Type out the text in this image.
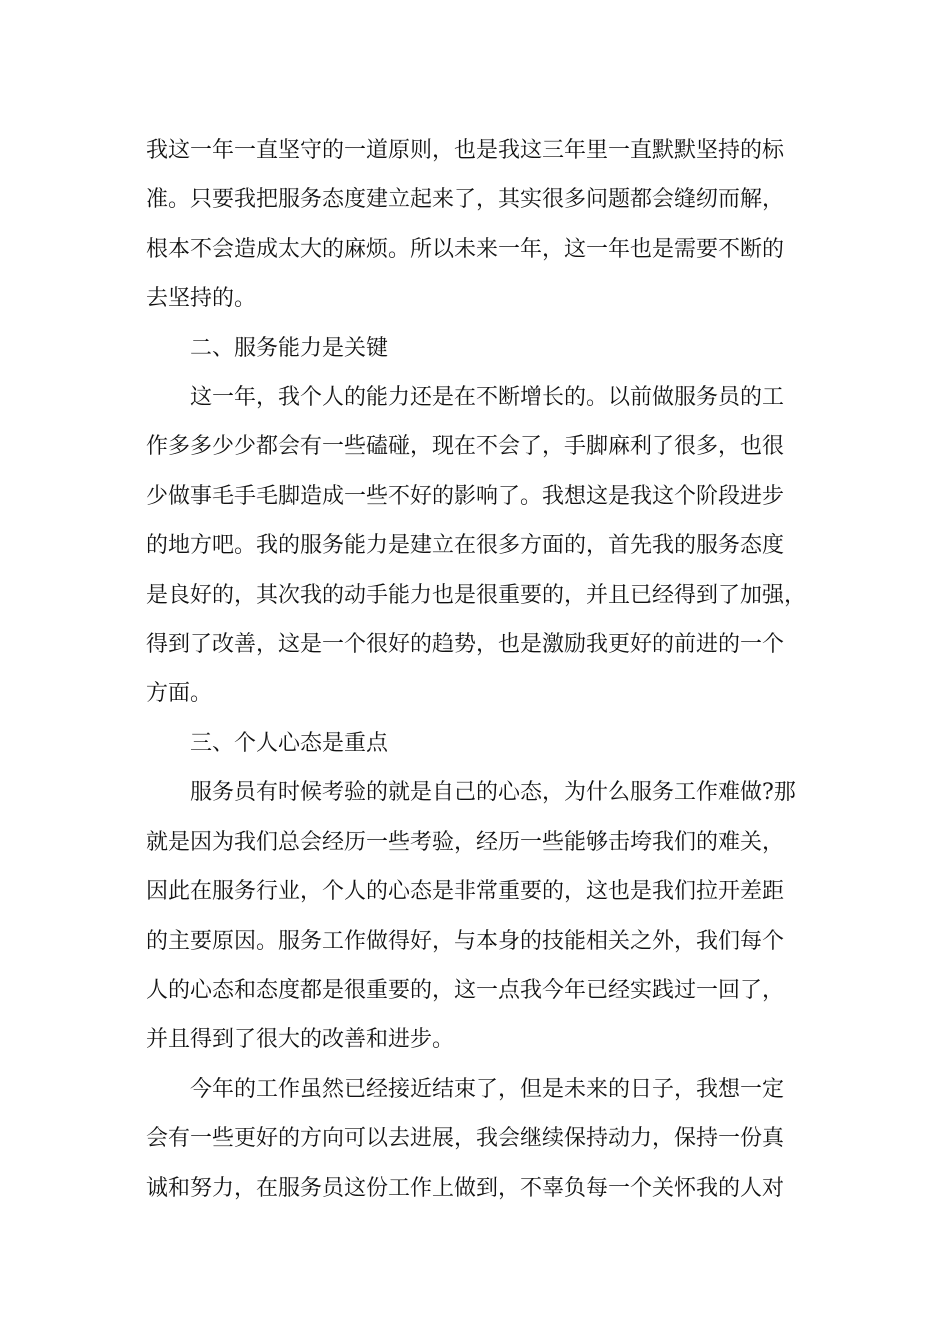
我这一年一直坚守的一道原则，也是我这三年里一直默默坚持的标

准。只要我把服务态度建立起来了，其实很多问题都会缝纫而解，

根本不会造成太大的麻烦。所以未来一年，这一年也是需要不断的

去坚持的。

二、服务能力是关键

这一年，我个人的能力还是在不断增长的。以前做服务员的工

作多多少少都会有一些磕碰，现在不会了，手脚麻利了很多，也很

少做事毛手毛脚造成一些不好的影响了。我想这是我这个阶段进步

的地方吧。我的服务能力是建立在很多方面的，首先我的服务态度

是良好的，其次我的动手能力也是很重要的，并且已经得到了加强，

得到了改善，这是一个很好的趋势，也是激励我更好的前进的一个

方面。

三、个人心态是重点

服务员有时候考验的就是自己的心态，为什么服务工作难做?那

就是因为我们总会经历一些考验，经历一些能够击垮我们的难关，

因此在服务行业，个人的心态是非常重要的，这也是我们拉开差距

的主要原因。服务工作做得好，与本身的技能相关之外，我们每个

人的心态和态度都是很重要的，这一点我今年已经实践过一回了，

并且得到了很大的改善和进步。

今年的工作虽然已经接近结束了，但是未来的日子，我想一定

会有一些更好的方向可以去进展，我会继续保持动力，保持一份真

诚和努力，在服务员这份工作上做到，不辜负每一个关怀我的人对
